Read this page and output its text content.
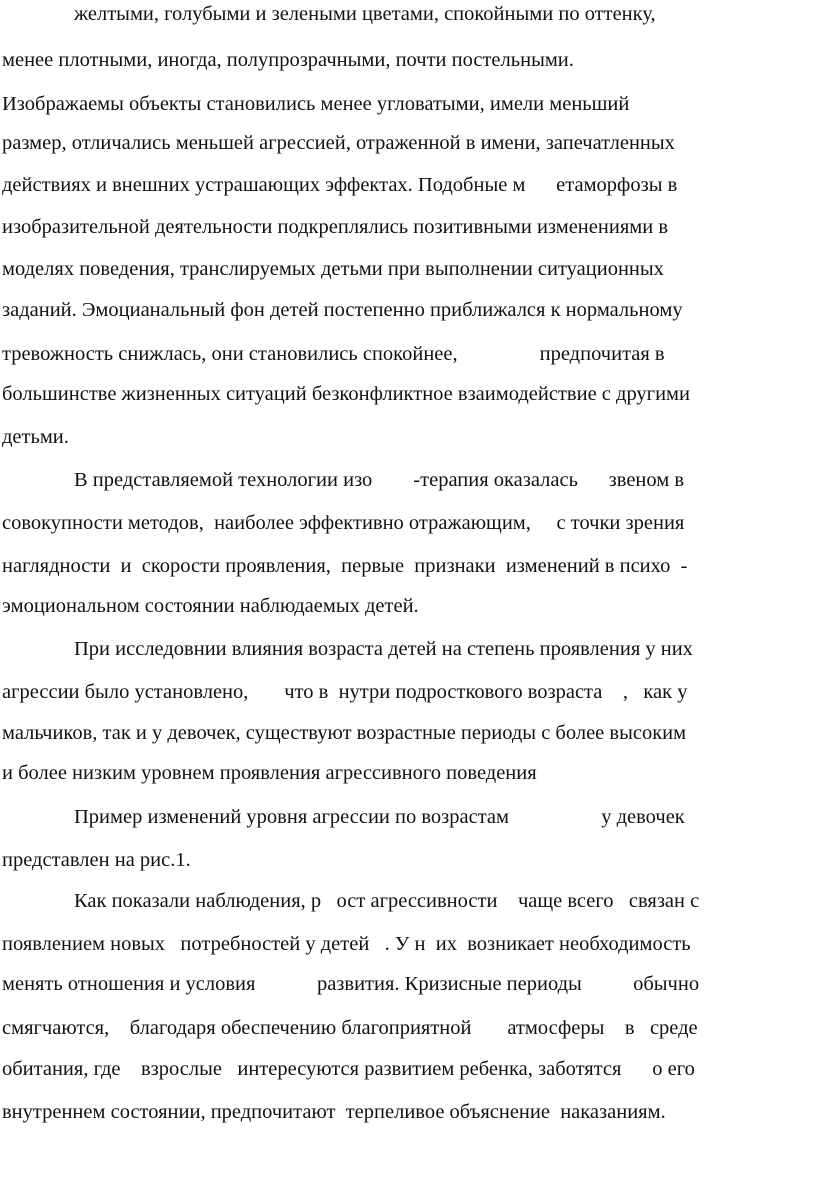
желтыми, голубыми и зелеными цветами, спокойными по оттенку,
менее плотными, иногда, полупрозрачными, почти постельными.
Изображаемы объекты становились менее угловатыми, имели меньший
размер, отличались меньшей агрессией, отраженной в имени, запечатленных
действиях и внешних устрашающих эффектах. Подобные м      етаморфозы в
изобразительной деятельности подкреплялись позитивными изменениями в
моделях поведения, транслируемых детьми при выполнении ситуационных
заданий. Эмоцианальный фон детей постепенно приближался к нормальному
тревожность снижлась, они становились спокойнее,                предпочитая в
большинстве жизненных ситуаций безконфликтное взаимодействие с другими
детьми.
В представляемой технологии изо        -терапия оказалась      звеном в
совокупности методов,  наиболее эффективно отражающим,     с точки зрения
наглядности  и  скорости проявления,  первые  признаки  изменений в психо  -
эмоциональном состоянии наблюдаемых детей.
При исследовнии влияния возраста детей на степень проявления у них
агрессии было установлено,       что в  нутри подросткового возраста    ,   как у
мальчиков, так и у девочек, существуют возрастные периоды с более высоким
и более низким уровнем проявления агрессивного поведения
Пример изменений уровня агрессии по возрастам                  у девочек
представлен на рис.1.
Как показали наблюдения, р   ост агрессивности    чаще всего   связан с
появлением новых   потребностей у детей   . У н  их  возникает необходимость
менять отношения и условия            развития. Кризисные периоды          обычно
смягчаются,    благодаря обеспечению благоприятной       атмосферы    в   среде
обитания, где    взрослые   интересуются развитием ребенка, заботятся      о его
внутреннем состоянии, предпочитают  терпеливое объяснение  наказаниям.
